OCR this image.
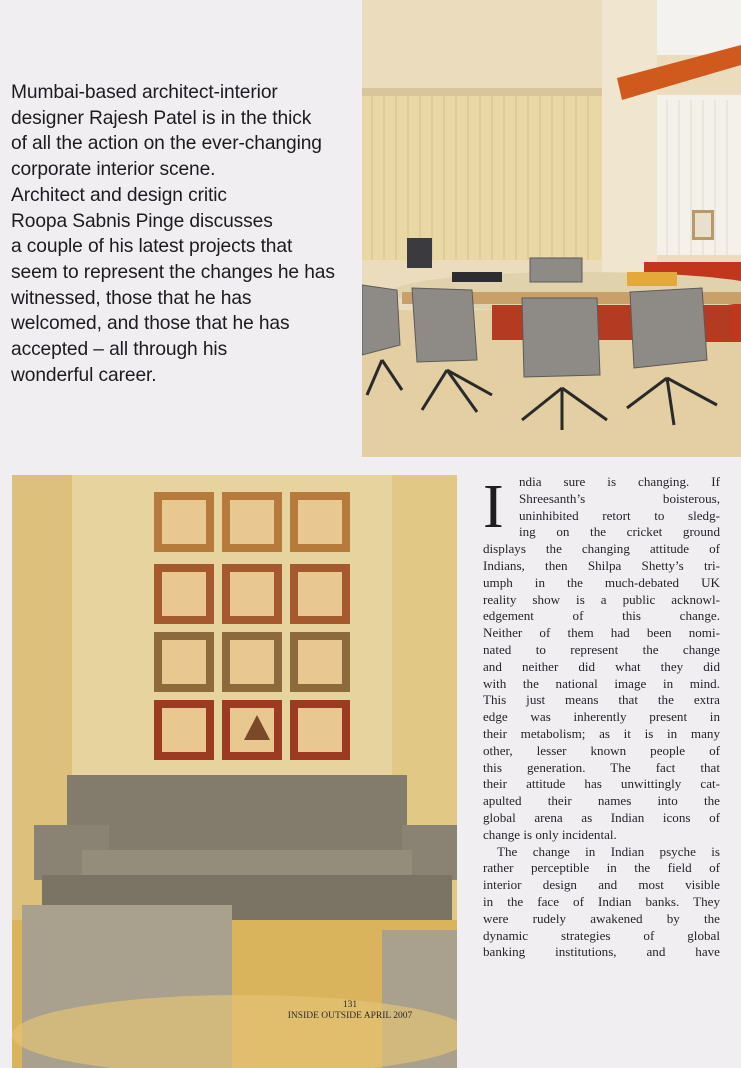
Mumbai-based architect-interior
designer Rajesh Patel is in the thick
of all the action on the ever-changing
corporate interior scene.
Architect and design critic
Roopa Sabnis Pinge discusses
a couple of his latest projects that
seem to represent the changes he has
witnessed, those that he has
welcomed, and those that he has
accepted – all through his
wonderful career.
I ndia sure is changing. If
Shreesanth’s boisterous,
uninhibited retort to sledg-
ing on the cricket ground
displays the changing attitude of
Indians, then Shilpa Shetty’s tri-
umph in the much-debated UK
reality show is a public acknowl-
edgement of this change.
Neither of them had been nomi-
nated to represent the change
and neither did what they did
with the national image in mind.
This just means that the extra
edge was inherently present in
their metabolism; as it is in many
other, lesser known people of
this generation. The fact that
their attitude has unwittingly cat-
apulted their names into the
global arena as Indian icons of
change is only incidental.
The change in Indian psyche is
rather perceptible in the field of
interior design and most visible
in the face of Indian banks. They
were rudely awakened by the
dynamic strategies of global
banking institutions, and have
131
INSIDE OUTSIDE APRIL 2007
